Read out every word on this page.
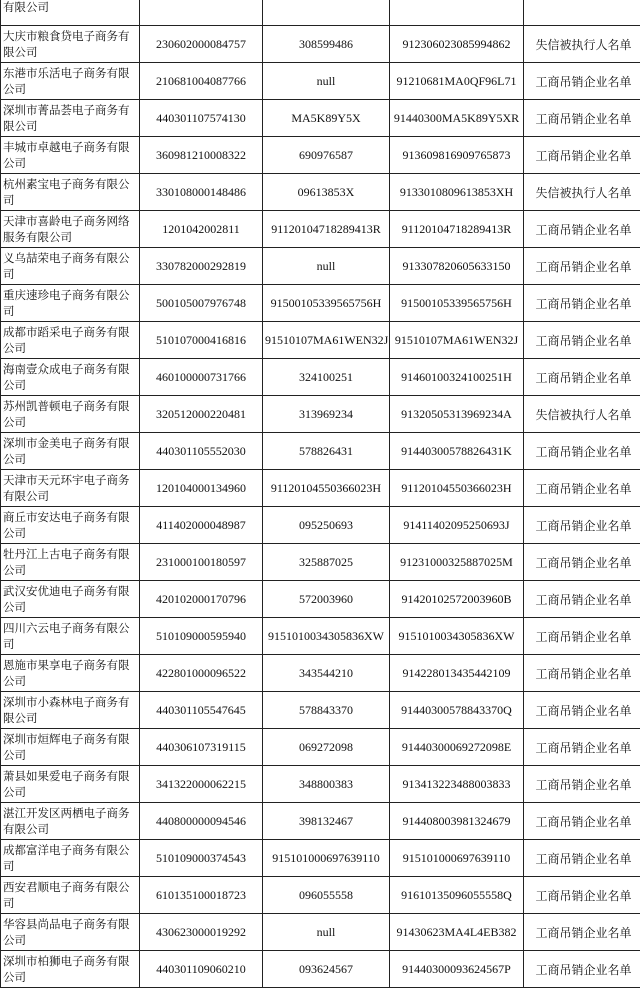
有限公司				
大庆市粮食贷电子商务有限公司	230602000084757	308599486	91230602308599486​2	失信被执行人名单
东港市乐活电子商务有限公司	210681004087766	null	91210681MA0QF96L71	工商吊销企业名单
深圳市菁品荟电子商务有限公司	440301107574130	MA5K89Y5X	91440300MA5K89Y5XR	工商吊销企业名单
丰城市卓越电子商务有限公司	360981210008322	690976587	91360981690976587​3	工商吊销企业名单
杭州素宝电子商务有限公司	330108000148486	09613853X	91330108096138​53XH	失信被执行人名单
天津市喜龄电子商务网络服务有限公司	1201042002811	91120104718289413R	91120104718289413R	工商吊销企业名单
义乌喆荣电子商务有限公司	330782000292819	null	91330782060563315​0	工商吊销企业名单
重庆速珍电子商务有限公司	500105007976748	91500105339565756H	91500105339565756H	工商吊销企业名单
成都市蹈采电子商务有限公司	510107000416816	91510107MA61WEN32J	91510107MA61WEN32J	工商吊销企业名单
海南壹众成电子商务有限公司	460100000731766	324100251	91460100324100251H	工商吊销企业名单
苏州凯普顿电子商务有限公司	320512000220481	313969234	91320505313969234A	失信被执行人名单
深圳市金美电子商务有限公司	440301105552030	578826431	91440300578826431K	工商吊销企业名单
天津市天元环宇电子商务有限公司	120104000134960	91120104550366023H	91120104550366023H	工商吊销企业名单
商丘市安达电子商务有限公司	411402000048987	095250693	91411402095250693J	工商吊销企业名单
牡丹江上古电子商务有限公司	231000100180597	325887025	91231000325887025M	工商吊销企业名单
武汉安优迪电子商务有限公司	420102000170796	572003960	91420102572003960B	工商吊销企业名单
四川六云电子商务有限公司	510109000595940	9151010034305836XW	9151010034305836XW	工商吊销企业名单
恩施市果享电子商务有限公司	422801000096522	343544210	91422801343544210​9	工商吊销企业名单
深圳市小森林电子商务有限公司	440301105547645	578843370	91440300578843370Q	工商吊销企业名单
深圳市烜辉电子商务有限公司	440306107319115	069272098	91440300069272098E	工商吊销企业名单
萧县如果爱电子商务有限公司	341322000062215	348800383	91341322348800383​3	工商吊销企业名单
湛江开发区两栖电子商务有限公司	440800000094546	398132467	91440800398132467​9	工商吊销企业名单
成都富洋电子商务有限公司	510109000374543	91510100069763911​0	91510100069763911​0	工商吊销企业名单
西安君顺电子商务有限公司	610135100018723	096055558	91610135096055558Q	工商吊销企业名单
华容县尚品电子商务有限公司	430623000019292	null	91430623MA4L4EB382	工商吊销企业名单
深圳市柏狮电子商务有限公司	440301109060210	093624567	91440300093624567P	工商吊销企业名单
